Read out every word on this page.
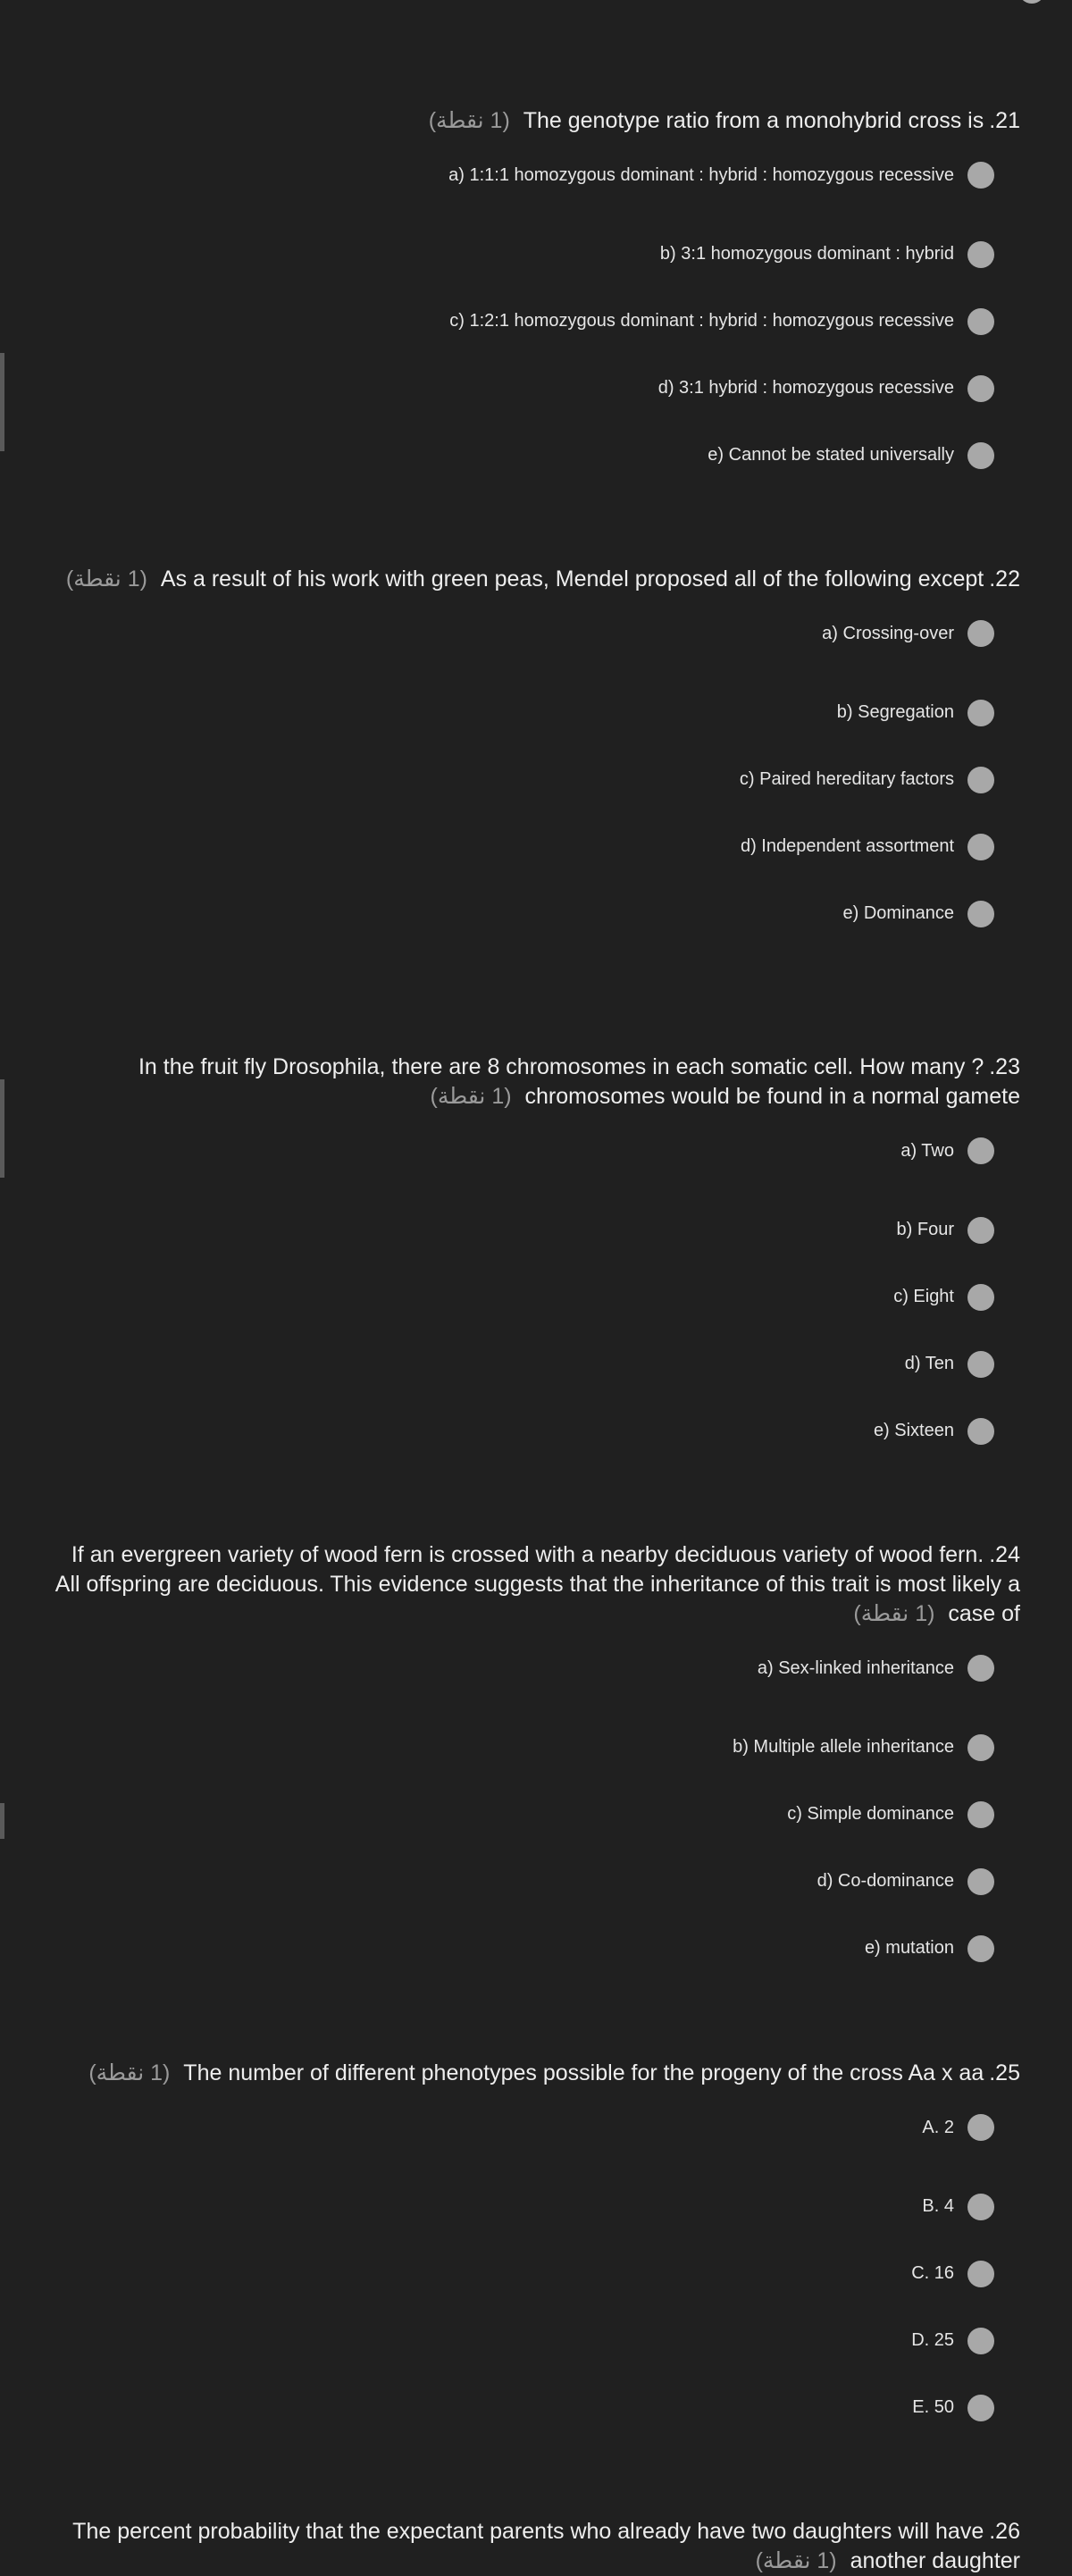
.21The genotype ratio from a monohybrid cross is (1 نقطة)
a) 1:1:1 homozygous dominant : hybrid : homozygous recessive
b) 3:1 homozygous dominant : hybrid
c) 1:2:1 homozygous dominant : hybrid : homozygous recessive
d) 3:1 hybrid : homozygous recessive
e) Cannot be stated universally
.22As a result of his work with green peas, Mendel proposed all of the following except (1 نقطة)
a) Crossing-over
b) Segregation
c) Paired hereditary factors
d) Independent assortment
e) Dominance
.23In the fruit fly Drosophila, there are 8 chromosomes in each somatic cell. How many ?chromosomes would be found in a normal gamete (1 نقطة)
a) Two
b) Four
c) Eight
d) Ten
e) Sixteen
.24If an evergreen variety of wood fern is crossed with a nearby deciduous variety of wood fern. All offspring are deciduous. This evidence suggests that the inheritance of this trait is most likely a case of (1 نقطة)
a) Sex-linked inheritance
b) Multiple allele inheritance
c) Simple dominance
d) Co-dominance
e) mutation
.25The number of different phenotypes possible for the progeny of the cross Aa x aa (1 نقطة)
A. 2
B. 4
C. 16
D. 25
E. 50
.26The percent probability that the expectant parents who already have two daughters will have another daughter (1 نقطة)
